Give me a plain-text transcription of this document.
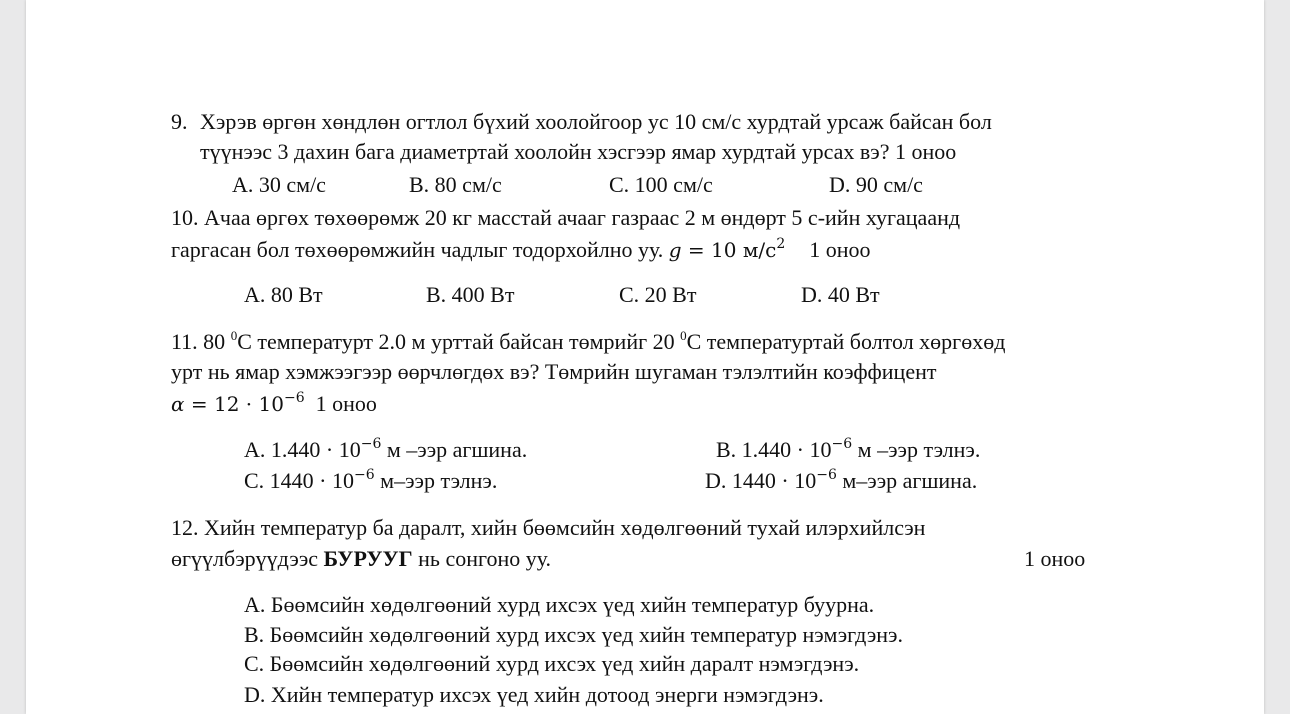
9. Хэрэв өргөн хөндлөн огтлол бүхий хоолойгоор ус 10 см/с хурдтай урсаж байсан бол
түүнээс 3 дахин бага диаметртай хоолойн хэсгээр ямар хурдтай урсах вэ? 1 оноо
A. 30 см/с	B. 80 см/с	C. 100 см/с	D. 90 см/с
10. Ачаа өргөх төхөөрөмж 20 кг масстай ачааг газраас 2 м өндөрт 5 с-ийн хугацаанд
гаргасан бол төхөөрөмжийн чадлыг тодорхойлно уу. g = 10 $м/с^2$ 1 оноо
A. 80 Вт	B. 400 Вт	C. 20 Вт	D. 40 Вт
11. 80 $^0$C температурт 2.0 м урттай байсан төмрийг 20 $^0$C температуртай болтол хөргөхөд
урт нь ямар хэмжээгээр өөрчлөгдөх вэ? Төмрийн шугаман тэлэлтийн коэффицент
$\alpha = 12 \cdot 10^{-6}$ 1 оноо
A. $1.440 \cdot 10^{-6}$ м –ээр агшина.	B. $1.440 \cdot 10^{-6}$ м –ээр тэлнэ.
C. $1440 \cdot 10^{-6}$ м–ээр тэлнэ.	D. $1440 \cdot 10^{-6}$ м–ээр агшина.
12. Хийн температур ба даралт, хийн бөөмсийн хөдөлгөөний тухай илэрхийлсэн
өгүүлбэрүүдээс БУРУУГ нь сонгоно уу.	1 оноо
A. Бөөмсийн хөдөлгөөний хурд ихсэх үед хийн температур буурна.
B. Бөөмсийн хөдөлгөөний хурд ихсэх үед хийн температур нэмэгдэнэ.
C. Бөөмсийн хөдөлгөөний хурд ихсэх үед хийн даралт нэмэгдэнэ.
D. Хийн температур ихсэх үед хийн дотоод энерги нэмэгдэнэ.
